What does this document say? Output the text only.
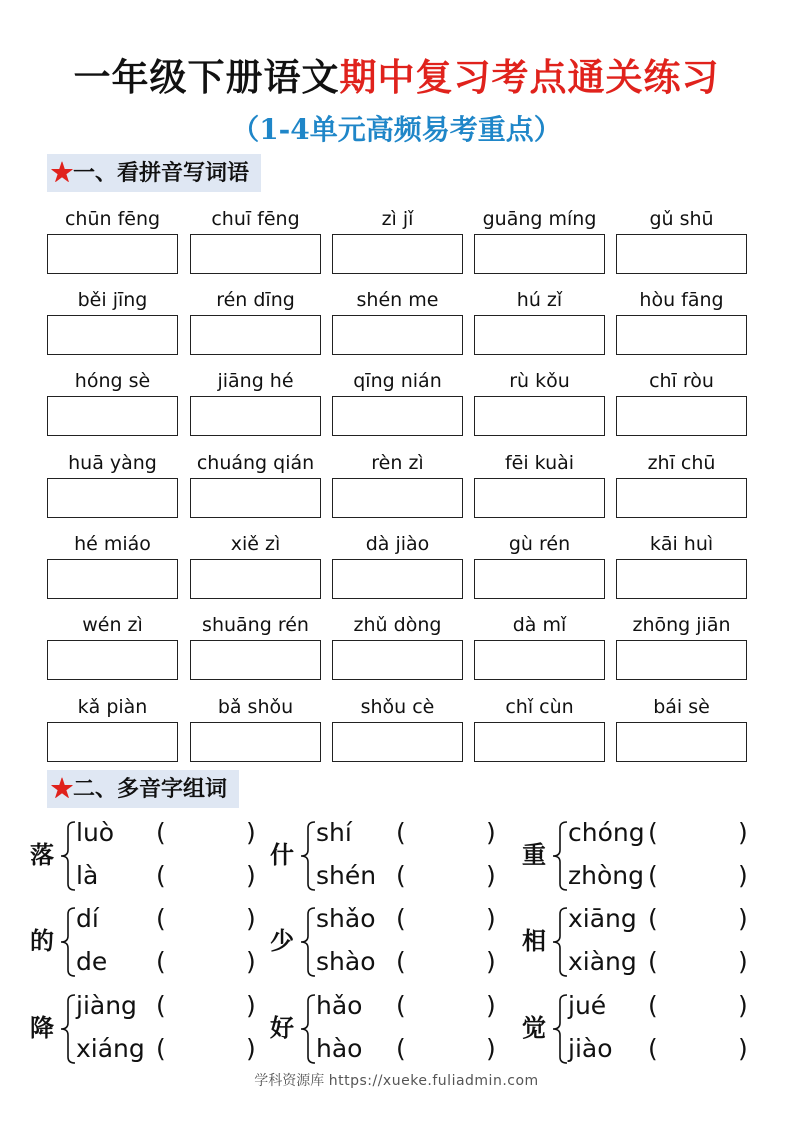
一年级下册语文期中复习考点通关练习
（1-4单元高频易考重点）
★一、看拼音写词语
chūn fēng	chuī fēng	zì jǐ	guāng míng	gǔ shū
běi jīng	rén dīng	shén me	hú zǐ	hòu fāng
hóng sè	jiāng hé	qīng nián	rù kǒu	chī ròu
huā yàng	chuáng qián	rèn zì	fēi kuài	zhī chū
hé miáo	xiě zì	dà jiào	gù rén	kāi huì
wén zì	shuāng rén	zhǔ dòng	dà mǐ	zhōng jiān
kǎ piàn	bǎ shǒu	shǒu cè	chǐ cùn	bái sè
★二、多音字组词
落
luò (	)
là (	)
什
shí (	)
shén (	)
重
chóng (	)
zhòng (	)
的
dí (	)
de (	)
少
shǎo (	)
shào (	)
相
xiāng (	)
xiàng (	)
降
jiàng (	)
xiáng (	)
好
hǎo (	)
hào (	)
觉
jué (	)
jiào (	)
学科资源库 https://xueke.fuliadmin.com
